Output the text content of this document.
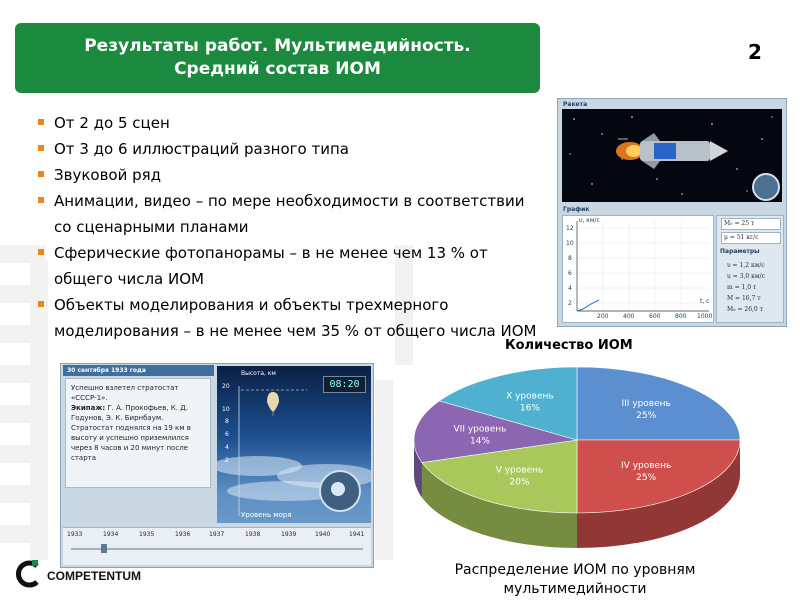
Результаты работ. Мультимедийность.
Средний состав ИОМ
2
От 2 до 5 сцен
От 3 до 6 иллюстраций разного типа
Звуковой ряд
Анимации, видео – по мере необходимости в соответствии со сценарными планами
Сферические фотопанорамы – в не менее чем 13 % от общего числа ИОМ
Объекты моделирования и объекты трехмерного моделирования – в не менее чем 35 % от общего числа ИОМ
Ракета
График
υ, км/с
t, с
12
10
8
6
4
2
200 400 600 800 1000
M₀ = 25 т
μ = 51 кг/с
Параметры
υ = 1,2 км/с
u = 3,0 км/с
m = 1,0 т
M = 16,7 т
M₀ = 26,0 т
30 сентября 1933 года
Успешно взлетел стратостат «СССР-1».
Экипаж: Г. А. Прокофьев, К. Д. Годунов, Э. К. Бирнбаум.
Стратостат поднялся на 19 км в высоту и успешно приземлился через 8 часов и 20 минут после старта
Высота, км
20
10
8
6
4
2
Уровень моря
08:20
1933	1934	1935	1936	1937	1938	1939	1940	1941
Количество ИОМ
III уровень
25%
IV уровень
25%
V уровень
20%
VII уровень
14%
X уровень
16%
Распределение ИОМ по уровням мультимедийности
COMPETENTUM
